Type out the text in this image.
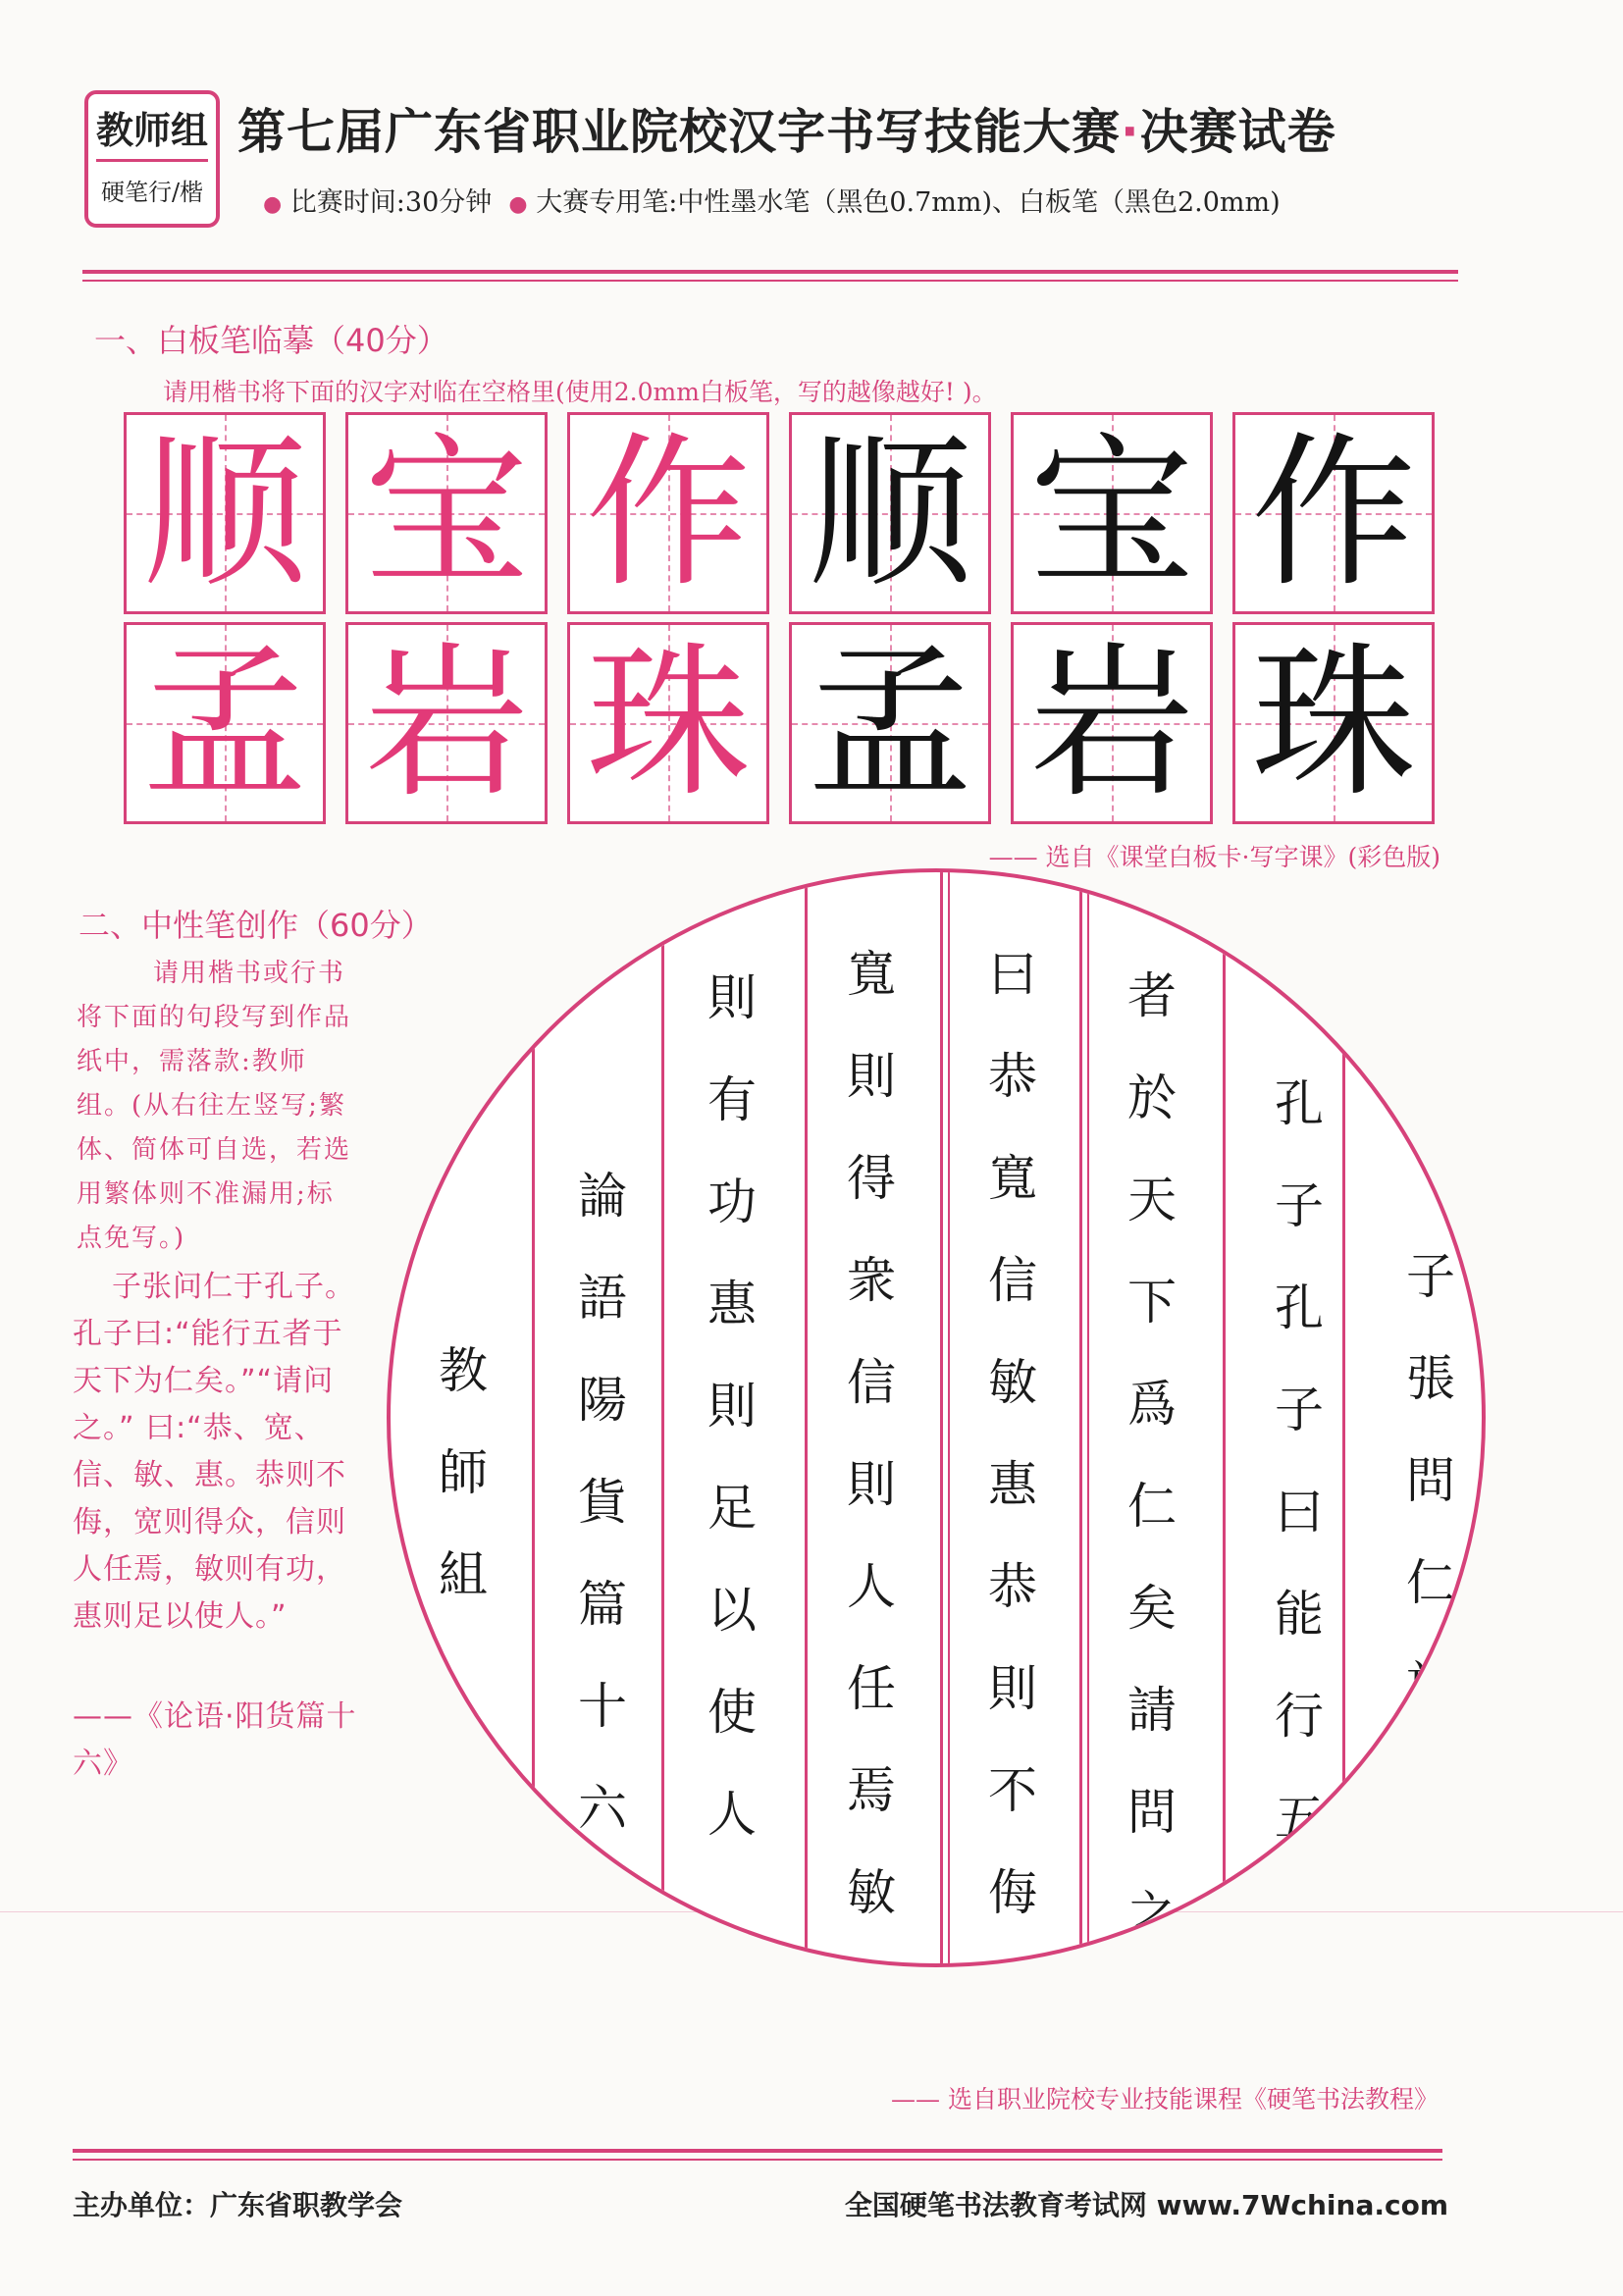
教师组
硬笔行/楷
第七届广东省职业院校汉字书写技能大赛·决赛试卷
● 比赛时间:30分钟 ● 大赛专用笔:中性墨水笔（黑色0.7mm)、白板笔（黑色2.0mm)
一、白板笔临摹（40分）
请用楷书将下面的汉字对临在空格里(使用2.0mm白板笔，写的越像越好! )。
顺 宝 作 顺 宝 作
孟 岩 珠 孟 岩 珠
—— 选自《课堂白板卡·写字课》(彩色版)
二、中性笔创作（60分）
请用楷书或行书将下面的句段写到作品纸中，需落款:教师组。(从右往左竖写;繁体、简体可自选，若选用繁体则不准漏用;标点免写。)
子张问仁于孔子。孔子曰:“能行五者于天下为仁矣。”“请问之。” 曰:“恭、宽、信、敏、惠。恭则不侮，宽则得众，信则人任焉，敏则有功，惠则足以使人。”
——《论语·阳货篇十六》
子
張
問
仁
於
孔
子
孔
子
曰
能
行
五
者
於
天
下
爲
仁
矣
請
問
之
曰
恭
寬
信
敏
惠
恭
則
不
侮
寬
則
得
衆
信
則
人
任
焉
敏
則
有
功
惠
則
足
以
使
人
論
語
陽
貨
篇
十
六
教
師
組
—— 选自职业院校专业技能课程《硬笔书法教程》
主办单位：广东省职教学会	全国硬笔书法教育考试网 www.7Wchina.com
